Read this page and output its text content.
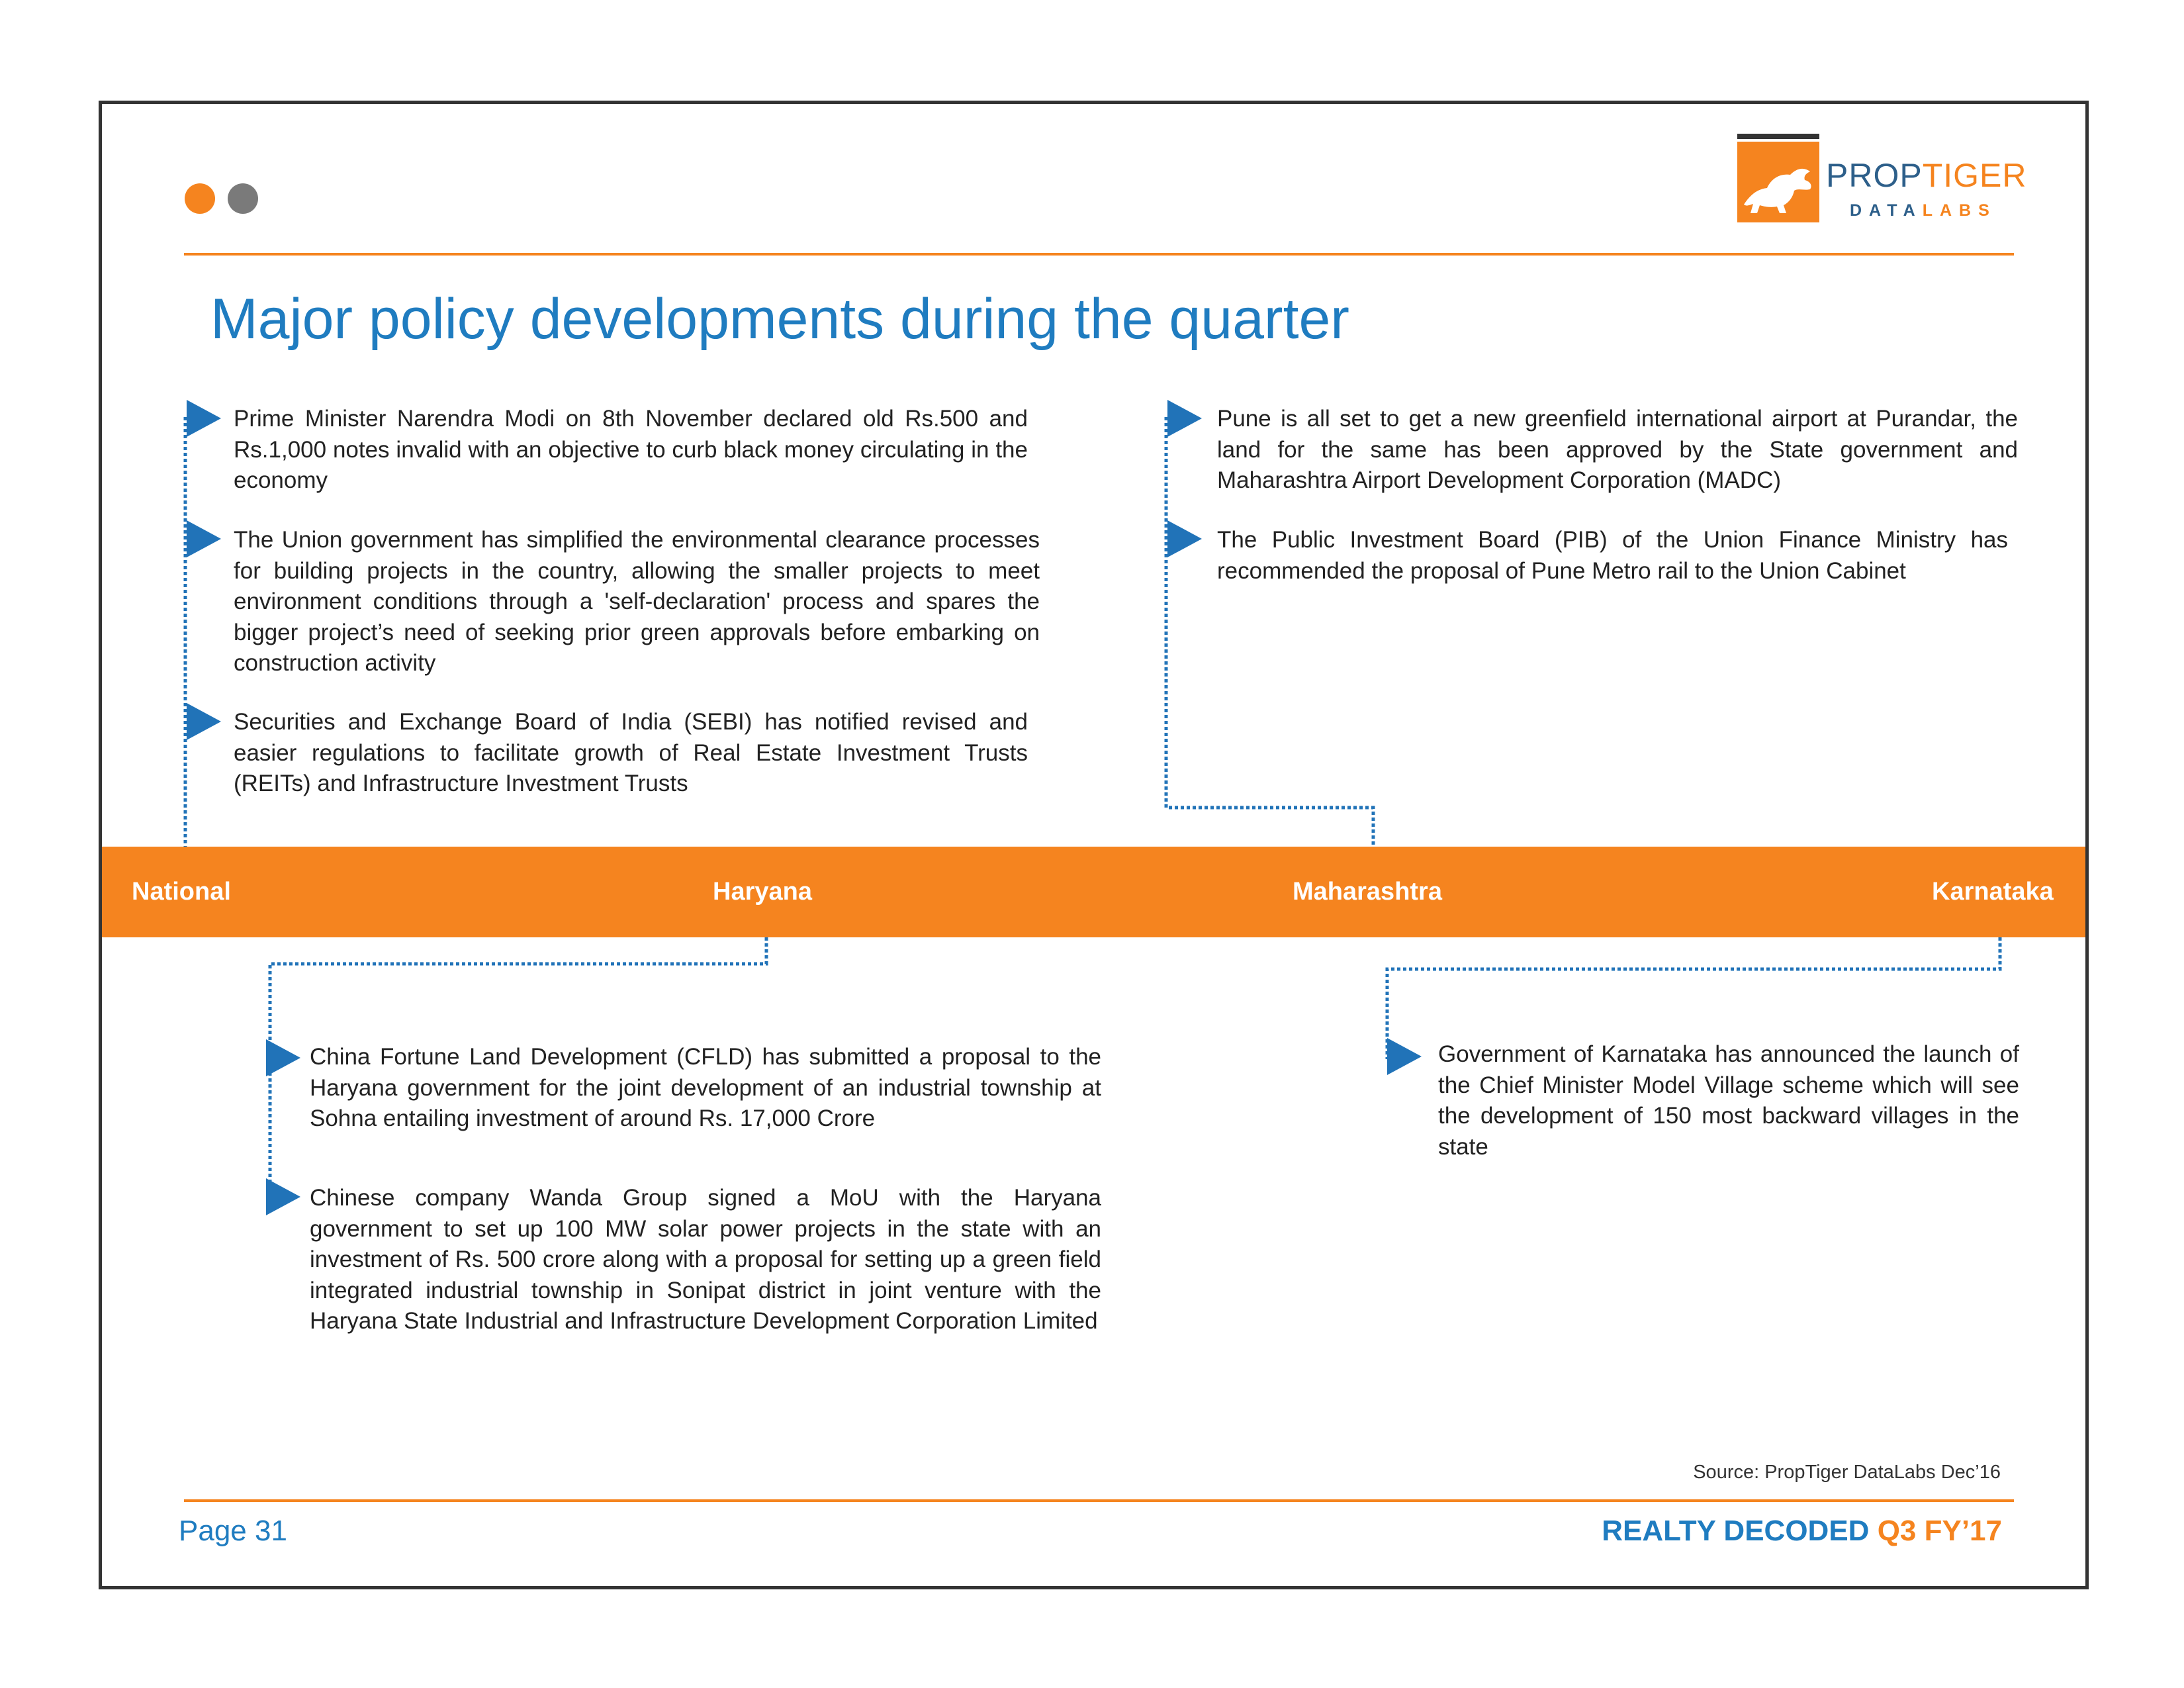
PROPTIGER
DATALABS
Major policy developments during the quarter
Prime Minister Narendra Modi on 8th November declared old Rs.500 and Rs.1,000 notes invalid with an objective to curb black money circulating in the economy
The Union government has simplified the environmental clearance processes for building projects in the country, allowing the smaller projects to meet environment conditions through a 'self-declaration' process and spares the bigger project’s need of seeking prior green approvals before embarking on construction activity
Securities and Exchange Board of India (SEBI) has notified revised and easier regulations to facilitate growth of Real Estate Investment Trusts (REITs) and Infrastructure Investment Trusts
Pune is all set to get a new greenfield international airport at Purandar, the land for the same has been approved by the State government and Maharashtra Airport Development Corporation (MADC)
The Public Investment Board (PIB) of the Union Finance Ministry has recommended the proposal of Pune Metro rail to the Union Cabinet
National	Haryana	Maharashtra	Karnataka
China Fortune Land Development (CFLD) has submitted a proposal to the Haryana government for the joint development of an industrial township at Sohna entailing investment of around Rs. 17,000 Crore
Chinese company Wanda Group signed a MoU with the Haryana government to set up 100 MW solar power projects in the state with an investment of Rs. 500 crore along with a proposal for setting up a green field integrated industrial township in Sonipat district in joint venture with the Haryana State Industrial and Infrastructure Development Corporation Limited
Government of Karnataka has announced the launch of the Chief Minister Model Village scheme which will see the development of 150 most backward villages in the state
Source: PropTiger DataLabs Dec’16
Page 31	REALTY DECODED Q3 FY’17
